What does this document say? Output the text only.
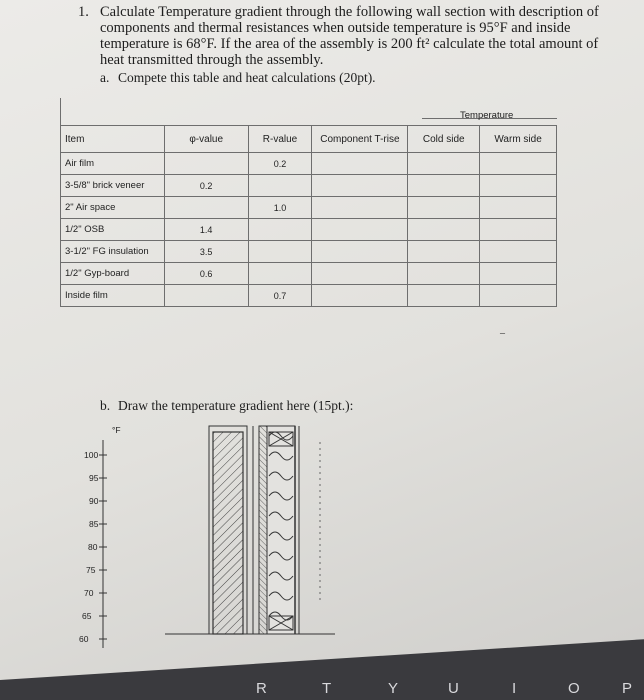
1. Calculate Temperature gradient through the following wall section with description of
components and thermal resistances when outside temperature is 95°F and inside
temperature is 68°F. If the area of the assembly is 200 ft² calculate the total amount of
heat transmitted through the assembly.
a. Compete this table and heat calculations (20pt).
Temperature
Item	φ-value	R-value	Component T-rise	Cold side	Warm side
Air film		0.2			
3-5/8" brick veneer	0.2				
2" Air space		1.0			
1/2" OSB	1.4				
3-1/2" FG insulation	3.5				
1/2" Gyp-board	0.6				
Inside film		0.7			
–
b. Draw the temperature gradient here (15pt.):
°F
100
95
90
85
80
75
70
65
60
R	T	Y	U	I	O	P
